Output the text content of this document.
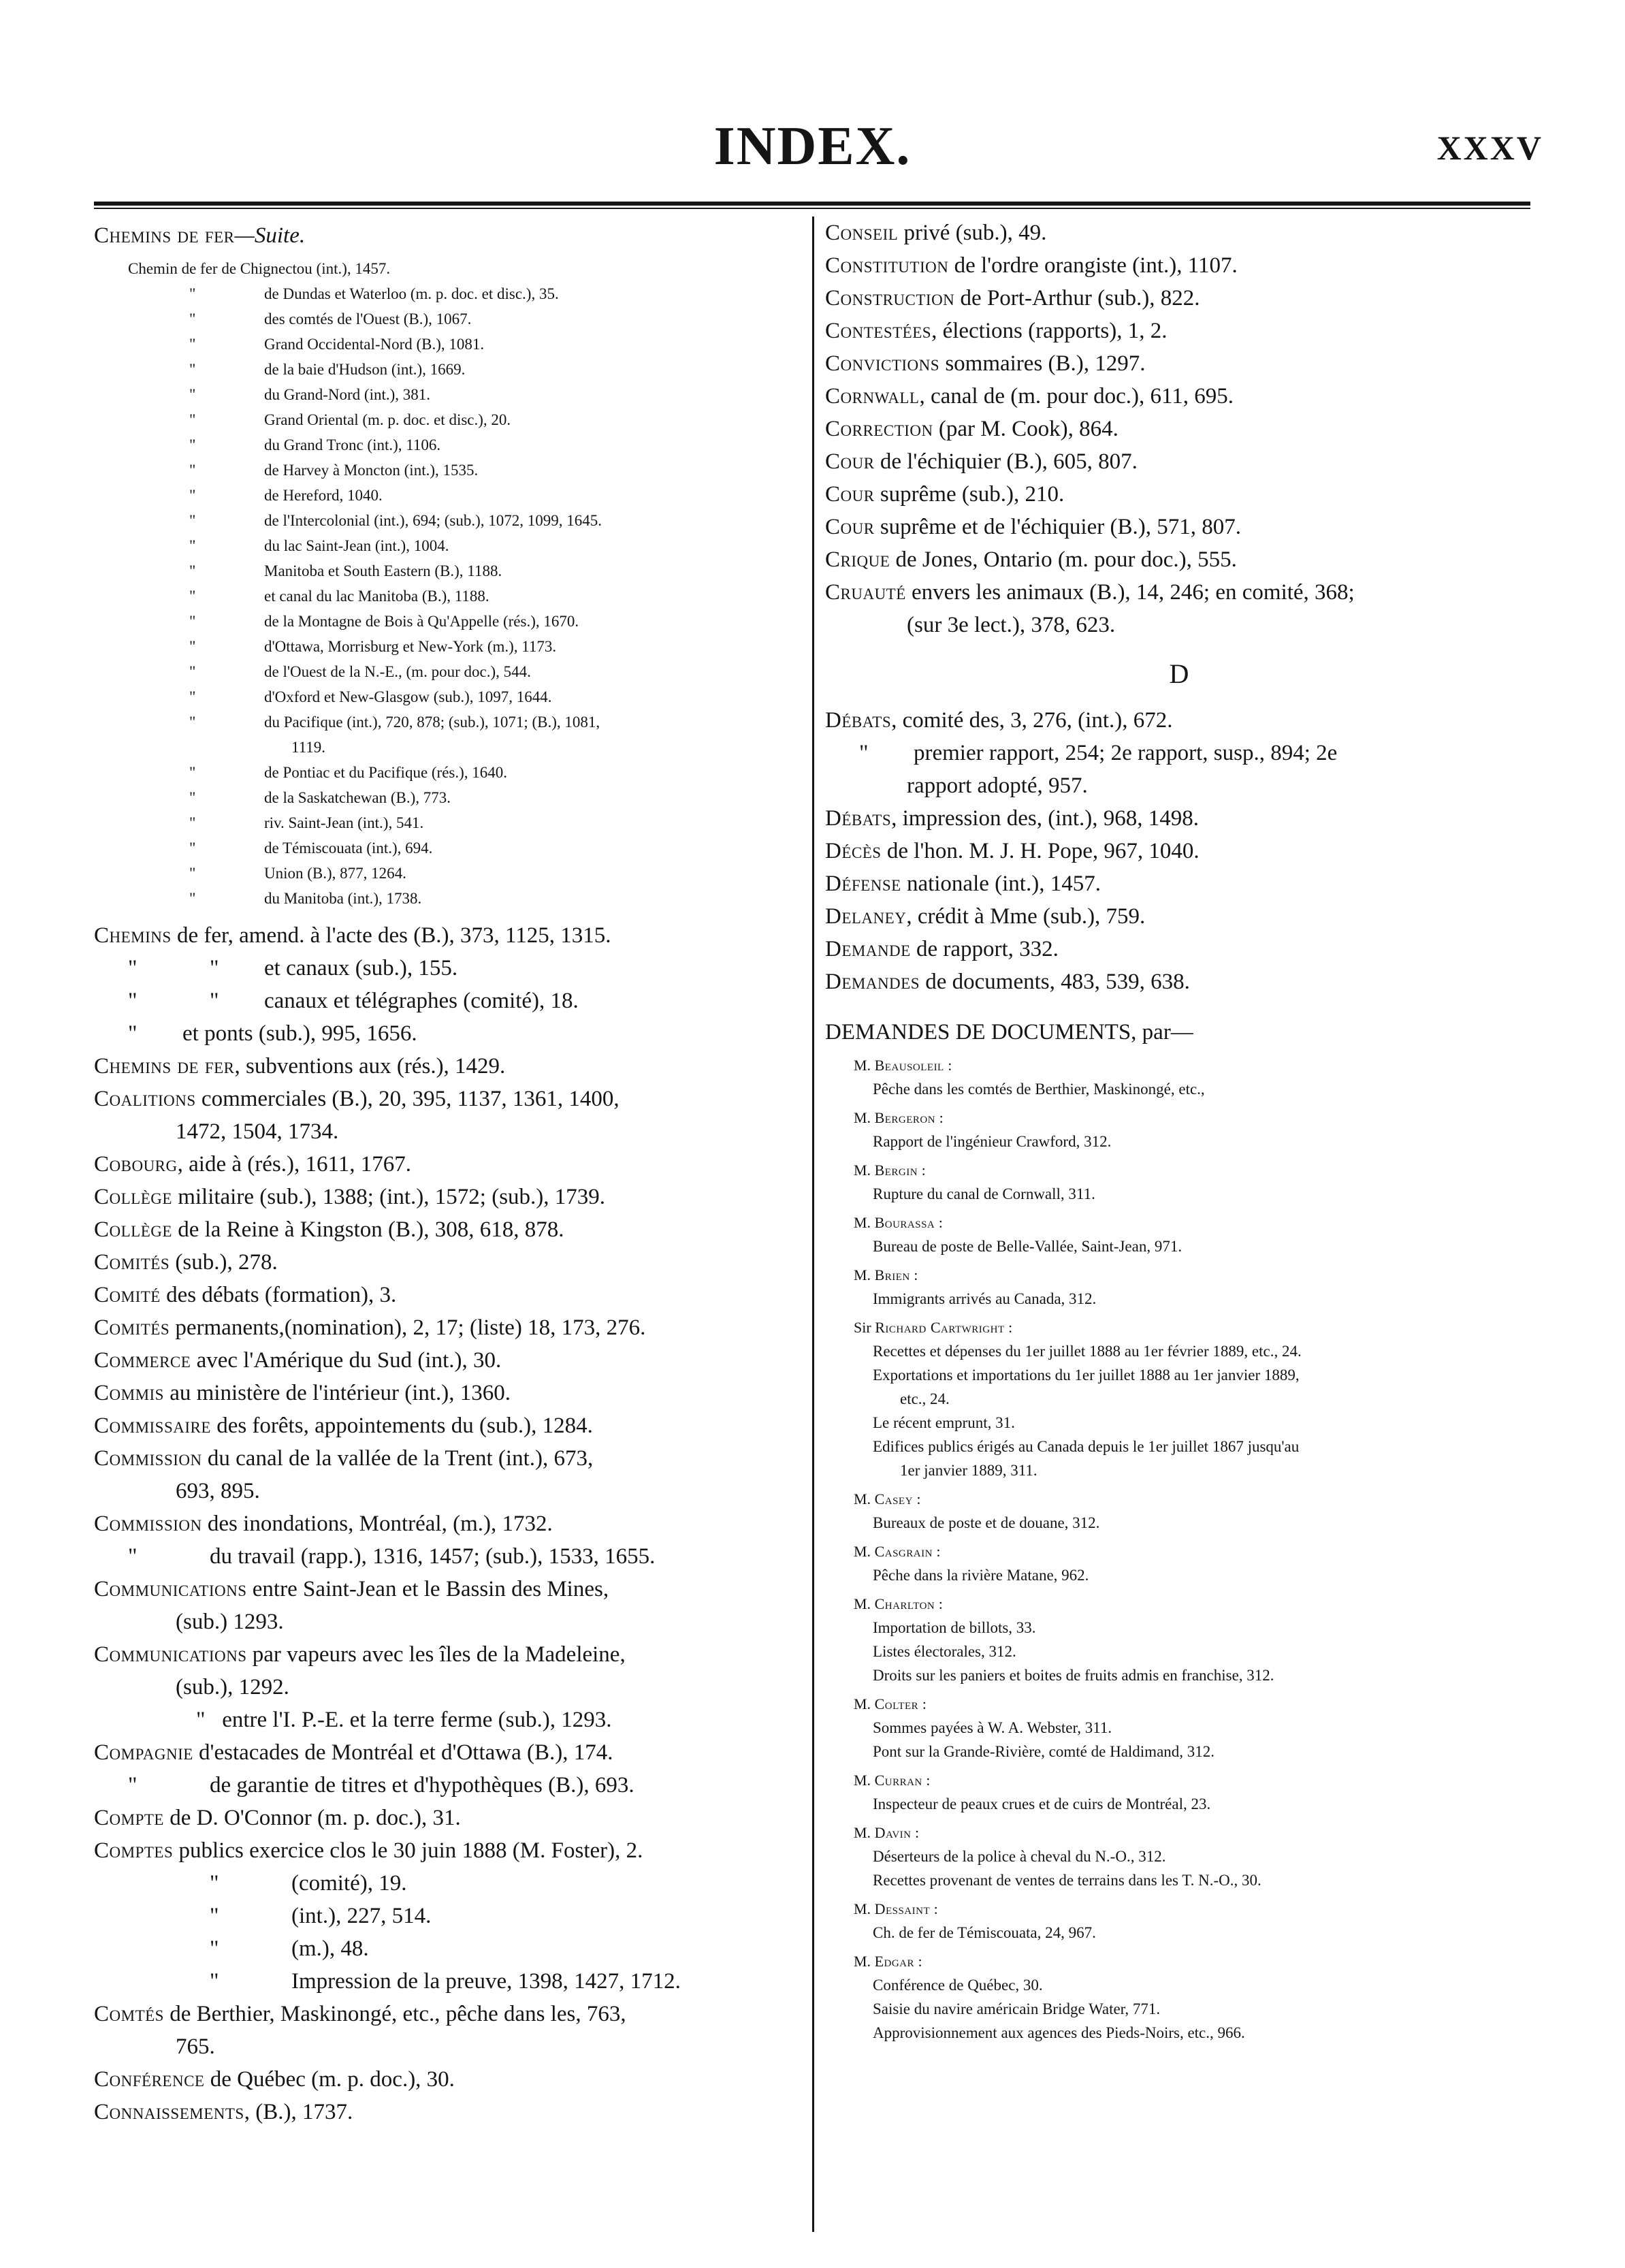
INDEX.	XXXV
Chemins de fer—Suite.
Chemin de fer de Chignectou (int.), 1457.
"	de Dundas et Waterloo (m. p. doc. et disc.), 35.
"	des comtés de l'Ouest (B.), 1067.
"	Grand Occidental-Nord (B.), 1081.
"	de la baie d'Hudson (int.), 1669.
"	du Grand-Nord (int.), 381.
"	Grand Oriental (m. p. doc. et disc.), 20.
"	du Grand Tronc (int.), 1106.
"	de Harvey à Moncton (int.), 1535.
"	de Hereford, 1040.
"	de l'Intercolonial (int.), 694; (sub.), 1072, 1099, 1645.
"	du lac Saint-Jean (int.), 1004.
"	Manitoba et South Eastern (B.), 1188.
"	et canal du lac Manitoba (B.), 1188.
"	de la Montagne de Bois à Qu'Appelle (rés.), 1670.
"	d'Ottawa, Morrisburg et New-York (m.), 1173.
"	de l'Ouest de la N.-E., (m. pour doc.), 544.
"	d'Oxford et New-Glasgow (sub.), 1097, 1644.
"	du Pacifique (int.), 720, 878; (sub.), 1071; (B.), 1081,
1119.
"	de Pontiac et du Pacifique (rés.), 1640.
"	de la Saskatchewan (B.), 773.
"	riv. Saint-Jean (int.), 541.
"	de Témiscouata (int.), 694.
"	Union (B.), 877, 1264.
"	du Manitoba (int.), 1738.
Chemins de fer, amend. à l'acte des (B.), 373, 1125, 1315.
"	" et canaux (sub.), 155.
"	" canaux et télégraphes (comité), 18.
" et ponts (sub.), 995, 1656.
Chemins de fer, subventions aux (rés.), 1429.
Coalitions commerciales (B.), 20, 395, 1137, 1361, 1400,
1472, 1504, 1734.
Cobourg, aide à (rés.), 1611, 1767.
Collège militaire (sub.), 1388; (int.), 1572; (sub.), 1739.
Collège de la Reine à Kingston (B.), 308, 618, 878.
Comités (sub.), 278.
Comité des débats (formation), 3.
Comités permanents,(nomination), 2, 17; (liste) 18, 173, 276.
Commerce avec l'Amérique du Sud (int.), 30.
Commis au ministère de l'intérieur (int.), 1360.
Commissaire des forêts, appointements du (sub.), 1284.
Commission du canal de la vallée de la Trent (int.), 673,
693, 895.
Commission des inondations, Montréal, (m.), 1732.
"	du travail (rapp.), 1316, 1457; (sub.), 1533, 1655.
Communications entre Saint-Jean et le Bassin des Mines,
(sub.) 1293.
Communications par vapeurs avec les îles de la Madeleine,
(sub.), 1292.
"   entre l'I. P.-E. et la terre ferme (sub.), 1293.
Compagnie d'estacades de Montréal et d'Ottawa (B.), 174.
"	de garantie de titres et d'hypothèques (B.), 693.
Compte de D. O'Connor (m. p. doc.), 31.
Comptes publics exercice clos le 30 juin 1888 (M. Foster), 2.
"	(comité), 19.
"	(int.), 227, 514.
"	(m.), 48.
"	Impression de la preuve, 1398, 1427, 1712.
Comtés de Berthier, Maskinongé, etc., pêche dans les, 763,
765.
Conférence de Québec (m. p. doc.), 30.
Connaissements, (B.), 1737.
Conseil privé (sub.), 49.
Constitution de l'ordre orangiste (int.), 1107.
Construction de Port-Arthur (sub.), 822.
Contestées, élections (rapports), 1, 2.
Convictions sommaires (B.), 1297.
Cornwall, canal de (m. pour doc.), 611, 695.
Correction (par M. Cook), 864.
Cour de l'échiquier (B.), 605, 807.
Cour suprême (sub.), 210.
Cour suprême et de l'échiquier (B.), 571, 807.
Crique de Jones, Ontario (m. pour doc.), 555.
Cruauté envers les animaux (B.), 14, 246; en comité, 368;
(sur 3e lect.), 378, 623.
D
Débats, comité des, 3, 276, (int.), 672.
" premier rapport, 254; 2e rapport, susp., 894; 2e
rapport adopté, 957.
Débats, impression des, (int.), 968, 1498.
Décès de l'hon. M. J. H. Pope, 967, 1040.
Défense nationale (int.), 1457.
Delaney, crédit à Mme (sub.), 759.
Demande de rapport, 332.
Demandes de documents, 483, 539, 638.
DEMANDES DE DOCUMENTS, par—
M. Beausoleil :
Pêche dans les comtés de Berthier, Maskinongé, etc.,
M. Bergeron :
Rapport de l'ingénieur Crawford, 312.
M. Bergin :
Rupture du canal de Cornwall, 311.
M. Bourassa :
Bureau de poste de Belle-Vallée, Saint-Jean, 971.
M. Brien :
Immigrants arrivés au Canada, 312.
Sir Richard Cartwright :
Recettes et dépenses du 1er juillet 1888 au 1er février 1889, etc., 24.
Exportations et importations du 1er juillet 1888 au 1er janvier 1889,
etc., 24.
Le récent emprunt, 31.
Edifices publics érigés au Canada depuis le 1er juillet 1867 jusqu'au
1er janvier 1889, 311.
M. Casey :
Bureaux de poste et de douane, 312.
M. Casgrain :
Pêche dans la rivière Matane, 962.
M. Charlton :
Importation de billots, 33.
Listes électorales, 312.
Droits sur les paniers et boites de fruits admis en franchise, 312.
M. Colter :
Sommes payées à W. A. Webster, 311.
Pont sur la Grande-Rivière, comté de Haldimand, 312.
M. Curran :
Inspecteur de peaux crues et de cuirs de Montréal, 23.
M. Davin :
Déserteurs de la police à cheval du N.-O., 312.
Recettes provenant de ventes de terrains dans les T. N.-O., 30.
M. Dessaint :
Ch. de fer de Témiscouata, 24, 967.
M. Edgar :
Conférence de Québec, 30.
Saisie du navire américain Bridge Water, 771.
Approvisionnement aux agences des Pieds-Noirs, etc., 966.
